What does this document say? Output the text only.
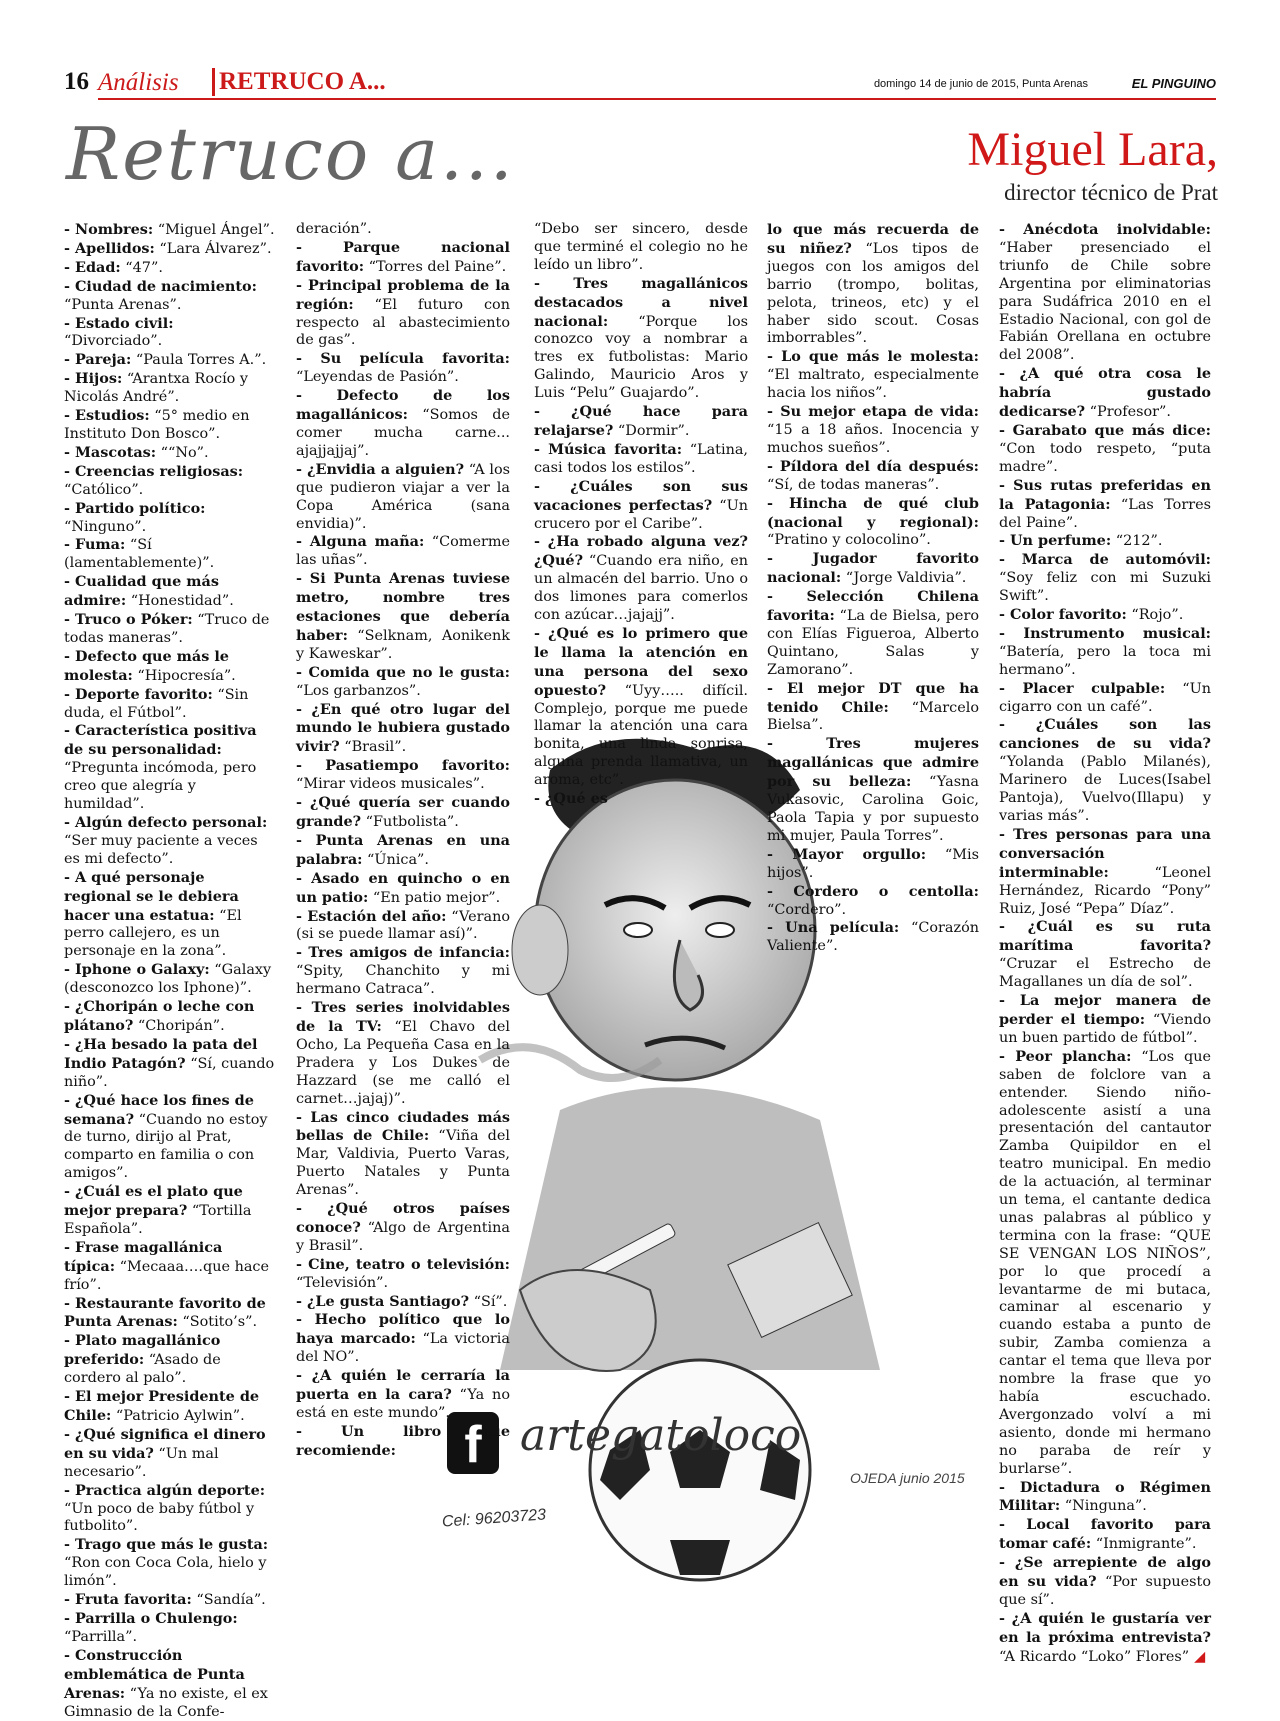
16 Análisis RETRUCO A...	domingo 14 de junio de 2015, Punta Arenas	EL PINGUINO
Retruco a...	Miguel Lara,
director técnico de Prat
f artegatoloco
Cel: 96203723
OJEDA junio 2015

- Nombres: “Miguel Ángel”.

- Apellidos: “Lara Álvarez”.

- Edad: “47”.

- Ciudad de nacimiento: “Punta Arenas”.

- Estado civil: “Divorciado”.

- Pareja: “Paula Torres A.”.

- Hijos: “Arantxa Rocío y Nicolás André”.

- Estudios: “5° medio en Instituto Don Bosco”.

- Mascotas: ““No”.

- Creencias religiosas: “Católico”.

- Partido político: “Ninguno”.

- Fuma: “Sí (lamentablemente)”.

- Cualidad que más admire: “Honestidad”.

- Truco o Póker: “Truco de todas maneras”.

- Defecto que más le molesta: “Hipocresía”.

- Deporte favorito: “Sin duda, el Fútbol”.

- Característica positiva de su personalidad: “Pregunta incómoda, pero creo que alegría y humildad”.

- Algún defecto personal: “Ser muy paciente a veces es mi defecto”.

- A qué personaje regional se le debiera hacer una estatua: “El perro callejero, es un personaje en la zona”.

- Iphone o Galaxy: “Galaxy (desconozco los Iphone)”.

- ¿Choripán o leche con plátano? “Choripán”.

- ¿Ha besado la pata del Indio Patagón? “Sí, cuando niño”.

- ¿Qué hace los fines de semana? “Cuando no estoy de turno, dirijo al Prat, comparto en familia o con amigos”.

- ¿Cuál es el plato que mejor prepara? “Tortilla Española”.

- Frase magallánica típica: “Mecaaa….que hace frío”.

- Restaurante favorito de Punta Arenas: “Sotito’s”.

- Plato magallánico preferido: “Asado de cordero al palo”.

- El mejor Presidente de Chile: “Patricio Aylwin”.

- ¿Qué significa el dinero en su vida? “Un mal necesario”.

- Practica algún deporte: “Un poco de baby fútbol y futbolito”.

- Trago que más le gusta: “Ron con Coca Cola, hielo y limón”.

- Fruta favorita: “Sandía”.

- Parrilla o Chulengo: “Parrilla”.

- Construcción emblemática de Punta Arenas: “Ya no existe, el ex Gimnasio de la Confe-

deración”.

- Parque nacional favorito: “Torres del Paine”.

- Principal problema de la región: “El futuro con respecto al abastecimiento de gas”.

- Su película favorita: “Leyendas de Pasión”.

- Defecto de los magallánicos: “Somos de comer mucha carne... ajajjajjaj”.

- ¿Envidia a alguien? “A los que pudieron viajar a ver la Copa América (sana envidia)”.

- Alguna maña: “Comerme las uñas”.

- Si Punta Arenas tuviese metro, nombre tres estaciones que debería haber: “Selknam, Aonikenk y Kaweskar”.

- Comida que no le gusta: “Los garbanzos”.

- ¿En qué otro lugar del mundo le hubiera gustado vivir? “Brasil”.

- Pasatiempo favorito: “Mirar videos musicales”.

- ¿Qué quería ser cuando grande? “Futbolista”.

- Punta Arenas en una palabra: “Única”.

- Asado en quincho o en un patio: “En patio mejor”.

- Estación del año: “Verano (si se puede llamar así)”.

- Tres amigos de infancia: “Spity, Chanchito y mi hermano Catraca”.

- Tres series inolvidables de la TV: “El Chavo del Ocho, La Pequeña Casa en la Pradera y Los Dukes de Hazzard (se me calló el carnet…jajaj)”.

- Las cinco ciudades más bellas de Chile: “Viña del Mar, Valdivia, Puerto Varas, Puerto Natales y Punta Arenas”.

- ¿Qué otros países conoce? “Algo de Argentina y Brasil”.

- Cine, teatro o televisión: “Televisión”.

- ¿Le gusta Santiago? “Sí”.

- Hecho político que lo haya marcado: “La victoria del NO”.

- ¿A quién le cerraría la puerta en la cara? “Ya no está en este mundo”.

- Un libro que recomiende:

“Debo ser sincero, desde que terminé el colegio no he leído un libro”.

- Tres magallánicos destacados a nivel nacional: “Porque los conozco voy a nombrar a tres ex futbolistas: Mario Galindo, Mauricio Aros y Luis “Pelu” Guajardo”.

- ¿Qué hace para relajarse? “Dormir”.

- Música favorita: “Latina, casi todos los estilos”.

- ¿Cuáles son sus vacaciones perfectas? “Un crucero por el Caribe”.

- ¿Ha robado alguna vez? ¿Qué? “Cuando era niño, en un almacén del barrio. Uno o dos limones para comerlos con azúcar…jajajj”.

- ¿Qué es lo primero que le llama la atención en una persona del sexo opuesto? “Uyy….. difícil. Complejo, porque me puede llamar la atención una cara bonita, una linda sonrisa, alguna prenda llamativa, un aroma, etc”.

- ¿Qué es

lo que más recuerda de su niñez? “Los tipos de juegos con los amigos del barrio (trompo, bolitas, pelota, trineos, etc) y el haber sido scout. Cosas imborrables”.

- Lo que más le molesta: “El maltrato, especialmente hacia los niños”.

- Su mejor etapa de vida: “15 a 18 años. Inocencia y muchos sueños”.

- Píldora del día después: “Sí, de todas maneras”.

- Hincha de qué club (nacional y regional): “Pratino y colocolino”.

- Jugador favorito nacional: “Jorge Valdivia”.

- Selección Chilena favorita: “La de Bielsa, pero con Elías Figueroa, Alberto Quintano, Salas y Zamorano”.

- El mejor DT que ha tenido Chile: “Marcelo Bielsa”.

- Tres mujeres magallánicas que admire por su belleza: “Yasna Vukasovic, Carolina Goic, Paola Tapia y por supuesto mi mujer, Paula Torres”.

- Mayor orgullo: “Mis hijos”.

- Cordero o centolla: “Cordero”.

- Una película: “Corazón Valiente”.

- Anécdota inolvidable: “Haber presenciado el triunfo de Chile sobre Argentina por eliminatorias para Sudáfrica 2010 en el Estadio Nacional, con gol de Fabián Orellana en octubre del 2008”.

- ¿A qué otra cosa le habría gustado dedicarse? “Profesor”.

- Garabato que más dice: “Con todo respeto, “puta madre”.

- Sus rutas preferidas en la Patagonia: “Las Torres del Paine”.

- Un perfume: “212”.

- Marca de automóvil: “Soy feliz con mi Suzuki Swift”.

- Color favorito: “Rojo”.

- Instrumento musical: “Batería, pero la toca mi hermano”.

- Placer culpable: “Un cigarro con un café”.

- ¿Cuáles son las canciones de su vida? “Yolanda (Pablo Milanés), Marinero de Luces(Isabel Pantoja), Vuelvo(Illapu) y varias más”.

- Tres personas para una conversación interminable: “Leonel Hernández, Ricardo “Pony” Ruiz, José “Pepa” Díaz”.

- ¿Cuál es su ruta marítima favorita? “Cruzar el Estrecho de Magallanes un día de sol”.

- La mejor manera de perder el tiempo: “Viendo un buen partido de fútbol”.

- Peor plancha: “Los que saben de folclore van a entender. Siendo niño-adolescente asistí a una presentación del cantautor Zamba Quipildor en el teatro municipal. En medio de la actuación, al terminar un tema, el cantante dedica unas palabras al público y termina con la frase: “QUE SE VENGAN LOS NIÑOS”, por lo que procedí a levantarme de mi butaca, caminar al escenario y cuando estaba a punto de subir, Zamba comienza a cantar el tema que lleva por nombre la frase que yo había escuchado. Avergonzado volví a mi asiento, donde mi hermano no paraba de reír y burlarse”.

- Dictadura o Régimen Militar: “Ninguna”.

- Local favorito para tomar café: “Inmigrante”.

- ¿Se arrepiente de algo en su vida? “Por supuesto que sí”.

- ¿A quién le gustaría ver en la próxima entrevista? “A Ricardo “Loko” Flores” ◢
